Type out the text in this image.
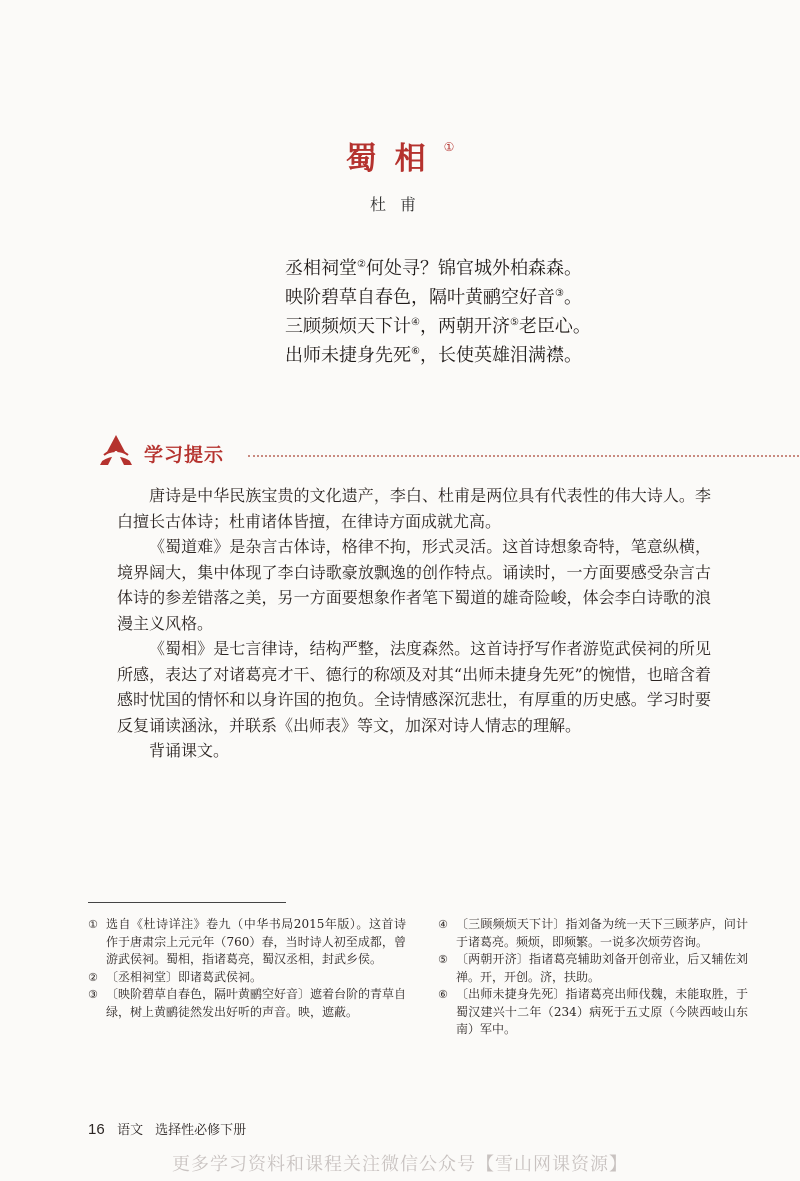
蜀相①
杜甫
丞相祠堂②何处寻？锦官城外柏森森。
映阶碧草自春色，隔叶黄鹂空好音③。
三顾频烦天下计④，两朝开济⑤老臣心。
出师未捷身先死⑥，长使英雄泪满襟。
学习提示

唐诗是中华民族宝贵的文化遗产，李白、杜甫是两位具有代表性的伟大诗人。李白擅长古体诗；杜甫诸体皆擅，在律诗方面成就尤高。

《蜀道难》是杂言古体诗，格律不拘，形式灵活。这首诗想象奇特，笔意纵横，境界阔大，集中体现了李白诗歌豪放飘逸的创作特点。诵读时，一方面要感受杂言古体诗的参差错落之美，另一方面要想象作者笔下蜀道的雄奇险峻，体会李白诗歌的浪漫主义风格。

《蜀相》是七言律诗，结构严整，法度森然。这首诗抒写作者游览武侯祠的所见所感，表达了对诸葛亮才干、德行的称颂及对其“出师未捷身先死”的惋惜，也暗含着感时忧国的情怀和以身许国的抱负。全诗情感深沉悲壮，有厚重的历史感。学习时要反复诵读涵泳，并联系《出师表》等文，加深对诗人情志的理解。

背诵课文。

① 选自《杜诗详注》卷九（中华书局2015年版）。这首诗作于唐肃宗上元元年（760）春，当时诗人初至成都，曾游武侯祠。蜀相，指诸葛亮，蜀汉丞相，封武乡侯。
② 〔丞相祠堂〕即诸葛武侯祠。
③ 〔映阶碧草自春色，隔叶黄鹂空好音〕遮着台阶的青草自绿，树上黄鹂徒然发出好听的声音。映，遮蔽。
④ 〔三顾频烦天下计〕指刘备为统一天下三顾茅庐，问计于诸葛亮。频烦，即频繁。一说多次烦劳咨询。
⑤ 〔两朝开济〕指诸葛亮辅助刘备开创帝业，后又辅佐刘禅。开，开创。济，扶助。
⑥ 〔出师未捷身先死〕指诸葛亮出师伐魏，未能取胜，于蜀汉建兴十二年（234）病死于五丈原（今陕西岐山东南）军中。
16 语文 选择性必修下册
更多学习资料和课程关注微信公众号【雪山网课资源】
